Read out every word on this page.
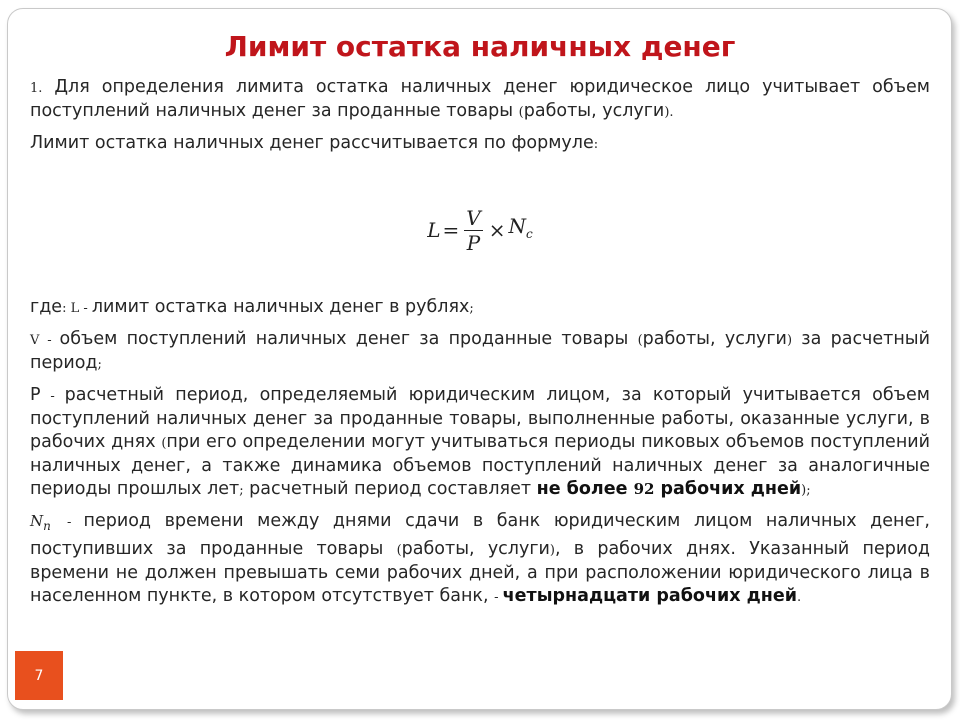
Лимит остатка наличных денег

1. Для определения лимита остатка наличных денег юридическое лицо учитывает объем поступлений наличных денег за проданные товары (работы, услуги).

Лимит остатка наличных денег рассчитывается по формуле:

$L = \frac{V}{P} \times N_c$

где: L - лимит остатка наличных денег в рублях;

V - объем поступлений наличных денег за проданные товары (работы, услуги) за расчетный период;

P - расчетный период, определяемый юридическим лицом, за который учитывается объем поступлений наличных денег за проданные товары, выполненные работы, оказанные услуги, в рабочих днях (при его определении могут учитываться периоды пиковых объемов поступлений наличных денег, а также динамика объемов поступлений наличных денег за аналогичные периоды прошлых лет; расчетный период составляет не более 92 рабочих дней);

$N_n$ - период времени между днями сдачи в банк юридическим лицом наличных денег, поступивших за проданные товары (работы, услуги), в рабочих днях. Указанный период времени не должен превышать семи рабочих дней, а при расположении юридического лица в населенном пункте, в котором отсутствует банк, - четырнадцати рабочих дней.

7
